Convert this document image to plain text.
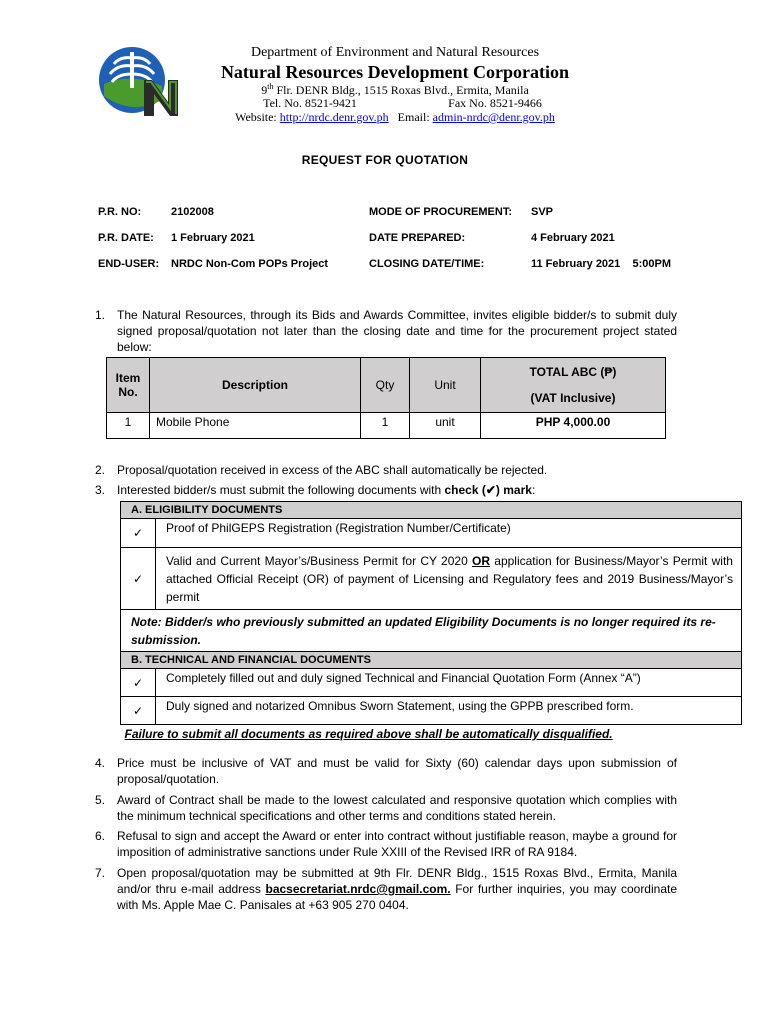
Department of Environment and Natural Resources
Natural Resources Development Corporation
9th Flr. DENR Bldg., 1515 Roxas Blvd., Ermita, Manila
Tel. No. 8521-9421	Fax No. 8521-9466
Website: http://nrdc.denr.gov.ph Email: admin-nrdc@denr.gov.ph
REQUEST FOR QUOTATION
P.R. NO:	2102008	MODE OF PROCUREMENT: SVP
P.R. DATE: 1 February 2021	DATE PREPARED:	4 February 2021
END-USER: NRDC Non-Com POPs Project	CLOSING DATE/TIME:	11 February 2021    5:00PM
1. The Natural Resources, through its Bids and Awards Committee, invites eligible bidder/s to submit duly signed proposal/quotation not later than the closing date and time for the procurement project stated below:
Item No.	Description	Qty	Unit	TOTAL ABC (₱)
(VAT Inclusive)

1	Mobile Phone	1	unit	PHP 4,000.00
2. Proposal/quotation received in excess of the ABC shall automatically be rejected.
3. Interested bidder/s must submit the following documents with check (✔) mark:
A. ELIGIBILITY DOCUMENTS	
✓	Proof of PhilGEPS Registration (Registration Number/Certificate)
✓	Valid and Current Mayor’s/Business Permit for CY 2020 OR application for Business/Mayor’s Permit with attached Official Receipt (OR) of payment of Licensing and Regulatory fees and 2019 Business/Mayor’s permit
Note: Bidder/s who previously submitted an updated Eligibility Documents is no longer required its re-submission.	
B. TECHNICAL AND FINANCIAL DOCUMENTS	
✓	Completely filled out and duly signed Technical and Financial Quotation Form (Annex “A”)
✓	Duly signed and notarized Omnibus Sworn Statement, using the GPPB prescribed form.
Failure to submit all documents as required above shall be automatically disqualified.	
4. Price must be inclusive of VAT and must be valid for Sixty (60) calendar days upon submission of proposal/quotation.
5. Award of Contract shall be made to the lowest calculated and responsive quotation which complies with the minimum technical specifications and other terms and conditions stated herein.
6. Refusal to sign and accept the Award or enter into contract without justifiable reason, maybe a ground for imposition of administrative sanctions under Rule XXIII of the Revised IRR of RA 9184.
7. Open proposal/quotation may be submitted at 9th Flr. DENR Bldg., 1515 Roxas Blvd., Ermita, Manila and/or thru e-mail address bacsecretariat.nrdc@gmail.com. For further inquiries, you may coordinate with Ms. Apple Mae C. Panisales at +63 905 270 0404.
